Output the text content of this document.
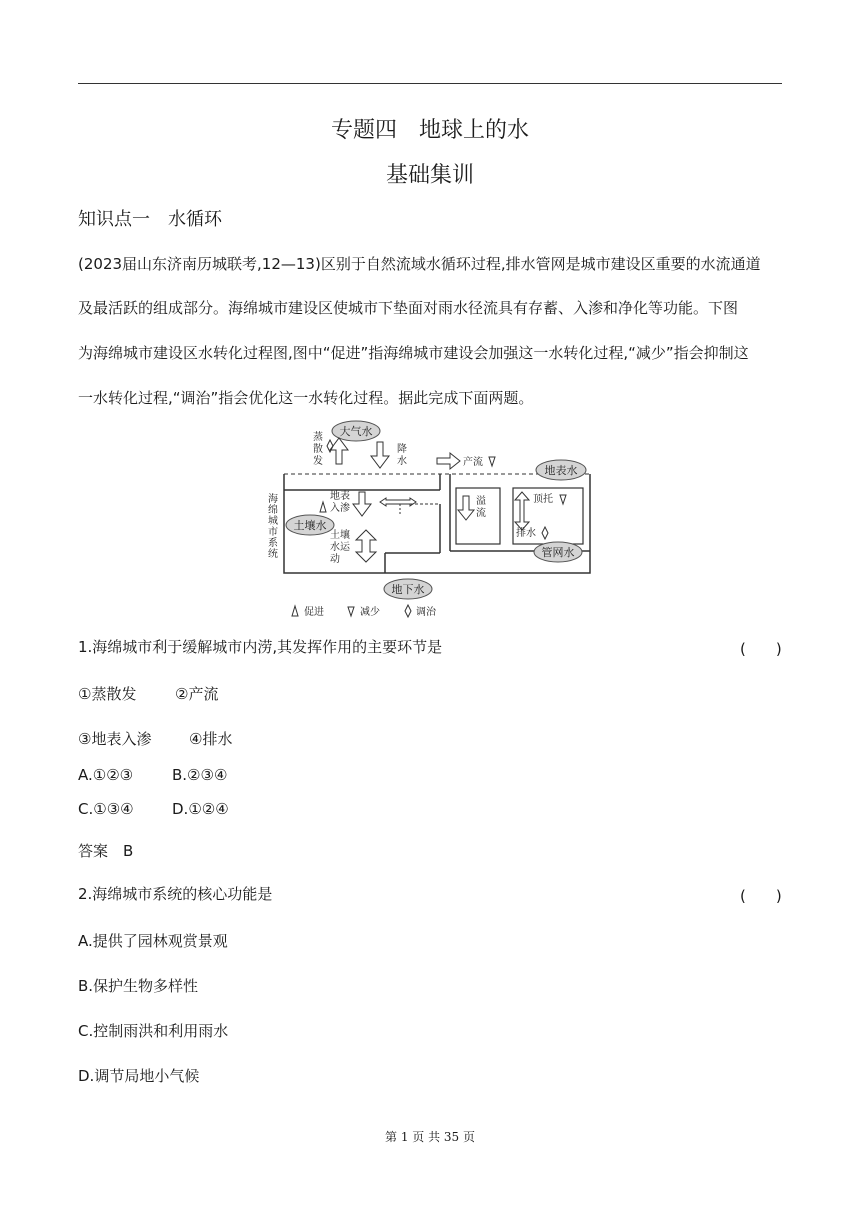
专题四　地球上的水
基础集训
知识点一　水循环
(2023届山东济南历城联考,12—13)区别于自然流域水循环过程,排水管网是城市建设区重要的水流通道
及最活跃的组成部分。海绵城市建设区使城市下垫面对雨水径流具有存蓄、入渗和净化等功能。下图
为海绵城市建设区水转化过程图,图中“促进”指海绵城市建设会加强这一水转化过程,“减少”指会抑制这
一水转化过程,“调治”指会优化这一水转化过程。据此完成下面两题。
大气水
地表水
土壤水
管网水
地下水
蒸散发
降水	产流
海绵城市系统
地表入渗
土壤水运动
溢流
顶托
排水
促进	减少	调治
1.海绵城市利于缓解城市内涝,其发挥作用的主要环节是	(　　)
①蒸散发	②产流
③地表入渗	④排水
A.①②③	B.②③④
C.①③④	D.①②④
答案　B
2.海绵城市系统的核心功能是	(　　)
A.提供了园林观赏景观
B.保护生物多样性
C.控制雨洪和利用雨水
D.调节局地小气候
第 1 页 共 35 页
